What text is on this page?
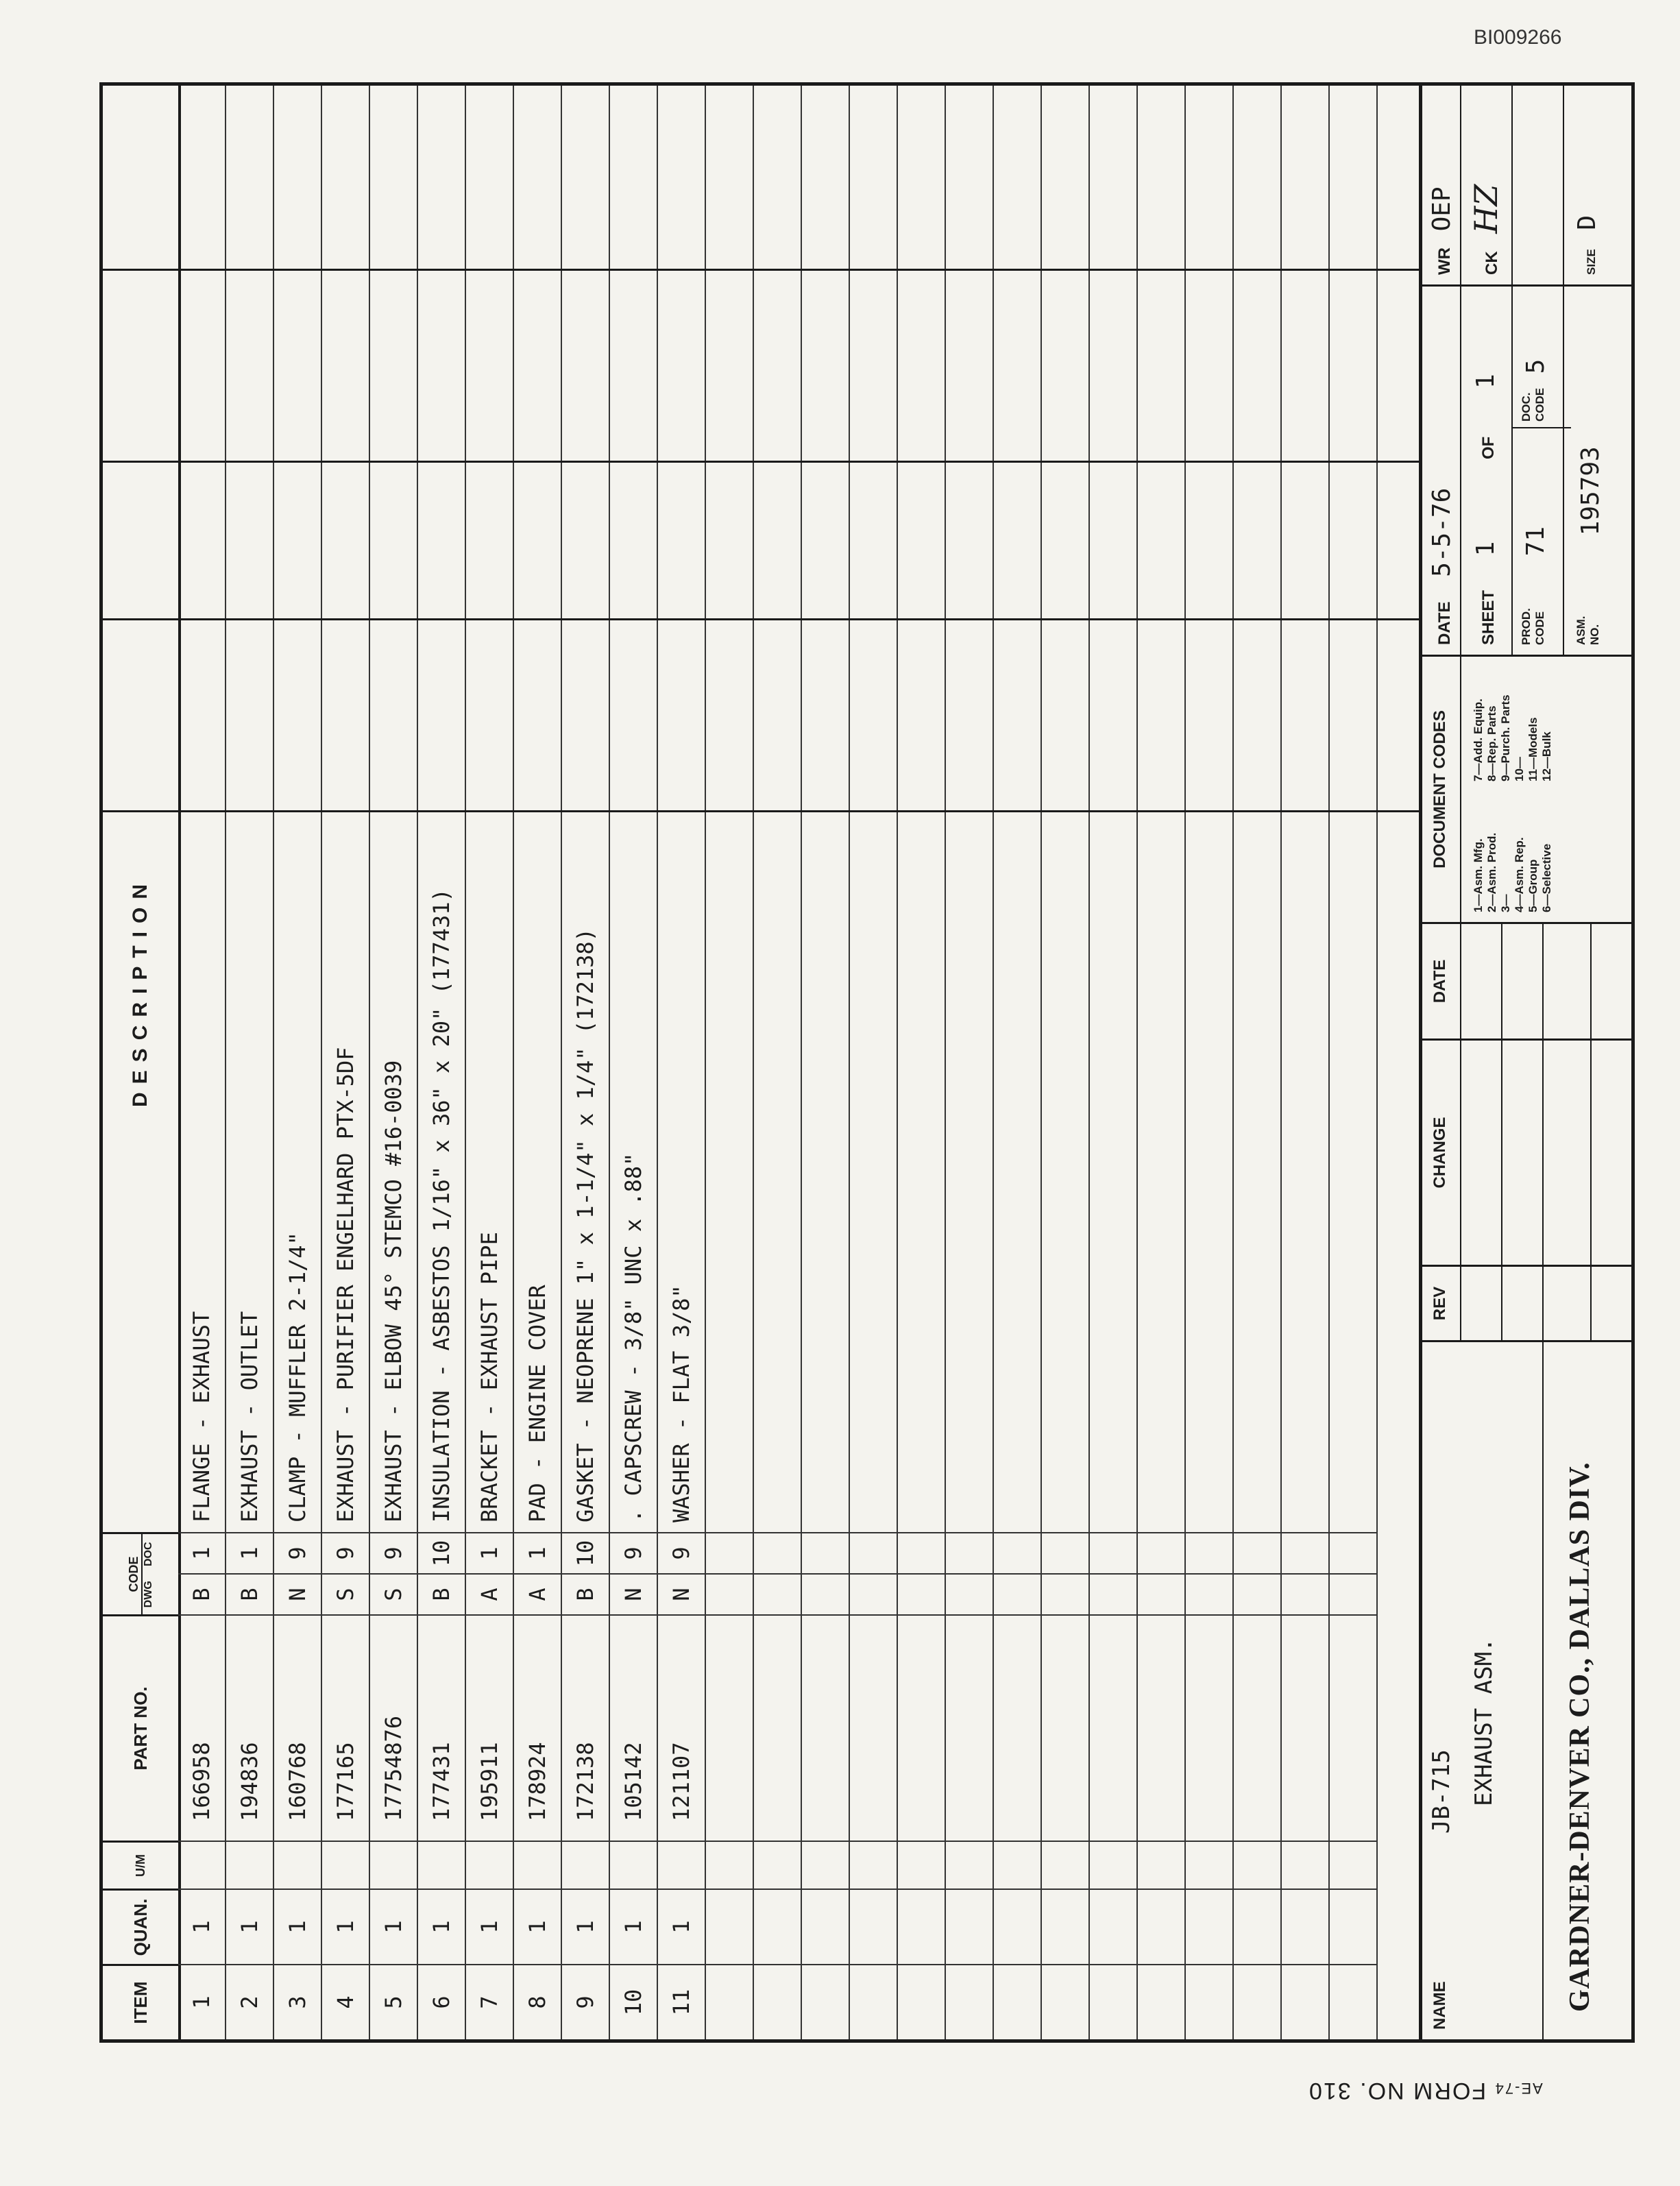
BI009266
AE-74 FORM NO. 310
ITEM
QUAN.
U/M
PART NO.
CODE
DWG
DOC
DESCRIPTION
1
1
166958
B
1
FLANGE - EXHAUST
2
1
194836
B
1
EXHAUST - OUTLET
3
1
160768
N
9
CLAMP - MUFFLER 2-1/4"
4
1
177165
S
9
EXHAUST - PURIFIER ENGELHARD PTX-5DF
5
1
17754876
S
9
EXHAUST - ELBOW 45° STEMCO #16-0039
6
1
177431
B
10
INSULATION - ASBESTOS 1/16" x 36" x 20" (177431)
7
1
195911
A
1
BRACKET - EXHAUST PIPE
8
1
178924
A
1
PAD - ENGINE COVER
9
1
172138
B
10
GASKET - NEOPRENE 1" x 1-1/4" x 1/4" (172138)
10
1
105142
N
9
. CAPSCREW - 3/8" UNC x .88"
11
1
121107
N
9
WASHER - FLAT 3/8"
NAME
JB-715 EXHAUST ASM. GARDNER-DENVER CO., DALLAS DIV.
REV
CHANGE
DATE
DOCUMENT CODES
1—Asm. Mfg. 2—Asm. Prod. 3— 4—Asm. Rep. 5—Group 6—Selective
7—Add. Equip. 8—Rep. Parts 9—Purch. Parts 10— 11—Models 12—Bulk
DATE 5-5-76
SHEET 1 OF 1
PROD. CODE 71
DOC. CODE 5
ASM. NO. 195793
WR OEP
CK HZ
SIZE D
